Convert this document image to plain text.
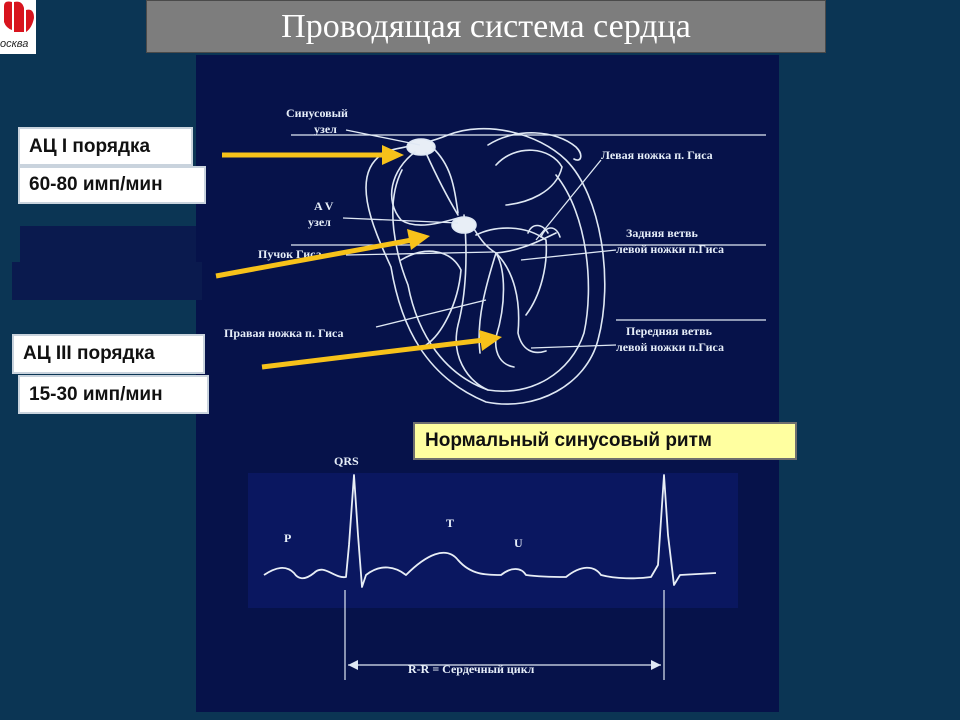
осква	Проводящая система сердца
Синусовый
узел
A V
узел
Пучок Гиса
Правая ножка п. Гиса
Левая ножка п. Гиса
Задняя ветвь
левой ножки п.Гиса
Передняя ветвь
левой ножки п.Гиса
QRS
P
T
U
R-R = Сердечный цикл
АЦ I порядка
60-80 имп/мин
АЦ III порядка
15-30 имп/мин
Нормальный синусовый ритм
